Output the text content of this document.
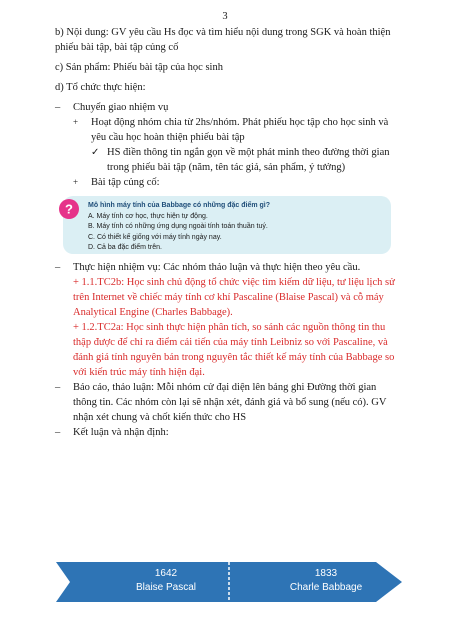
3

b) Nội dung: GV yêu cầu Hs đọc và tìm hiểu nội dung trong SGK và hoàn thiện phiếu bài tập, bài tập củng cố

c) Sản phẩm: Phiếu bài tập của học sinh

d) Tổ chức thực hiện:

– Chuyển giao nhiệm vụ
+ Hoạt động nhóm chia từ 2hs/nhóm. Phát phiếu học tập cho học sinh và yêu cầu học hoàn thiện phiếu bài tập
✓ HS điền thông tin ngắn gọn về một phát minh theo đường thời gian trong phiếu bài tập (năm, tên tác giả, sản phẩm, ý tưởng)
+ Bài tập củng cố:
? Mô hình máy tính của Babbage có những đặc điểm gì?
A. Máy tính cơ học, thực hiện tự động.
B. Máy tính có những ứng dụng ngoài tính toán thuần tuý.
C. Có thiết kế giống với máy tính ngày nay.
D. Cả ba đặc điểm trên.
– Thực hiện nhiệm vụ: Các nhóm thảo luận và thực hiện theo yêu cầu.

+ 1.1.TC2b: Học sinh chủ động tổ chức việc tìm kiếm dữ liệu, tư liệu lịch sử trên Internet về chiếc máy tính cơ khí Pascaline (Blaise Pascal) và cỗ máy Analytical Engine (Charles Babbage).

+ 1.2.TC2a: Học sinh thực hiện phân tích, so sánh các nguồn thông tin thu thập được để chỉ ra điểm cải tiến của máy tính Leibniz so với Pascaline, và đánh giá tính nguyên bản trong nguyên tắc thiết kế máy tính của Babbage so với kiến trúc máy tính hiện đại.

– Báo cáo, thảo luận: Mỗi nhóm cử đại diện lên bảng ghi Đường thời gian thông tin. Các nhóm còn lại sẽ nhận xét, đánh giá và bổ sung (nếu có). GV nhận xét chung và chốt kiến thức cho HS
– Kết luận và nhận định:
1642
Blaise Pascal
1833
Charle Babbage
